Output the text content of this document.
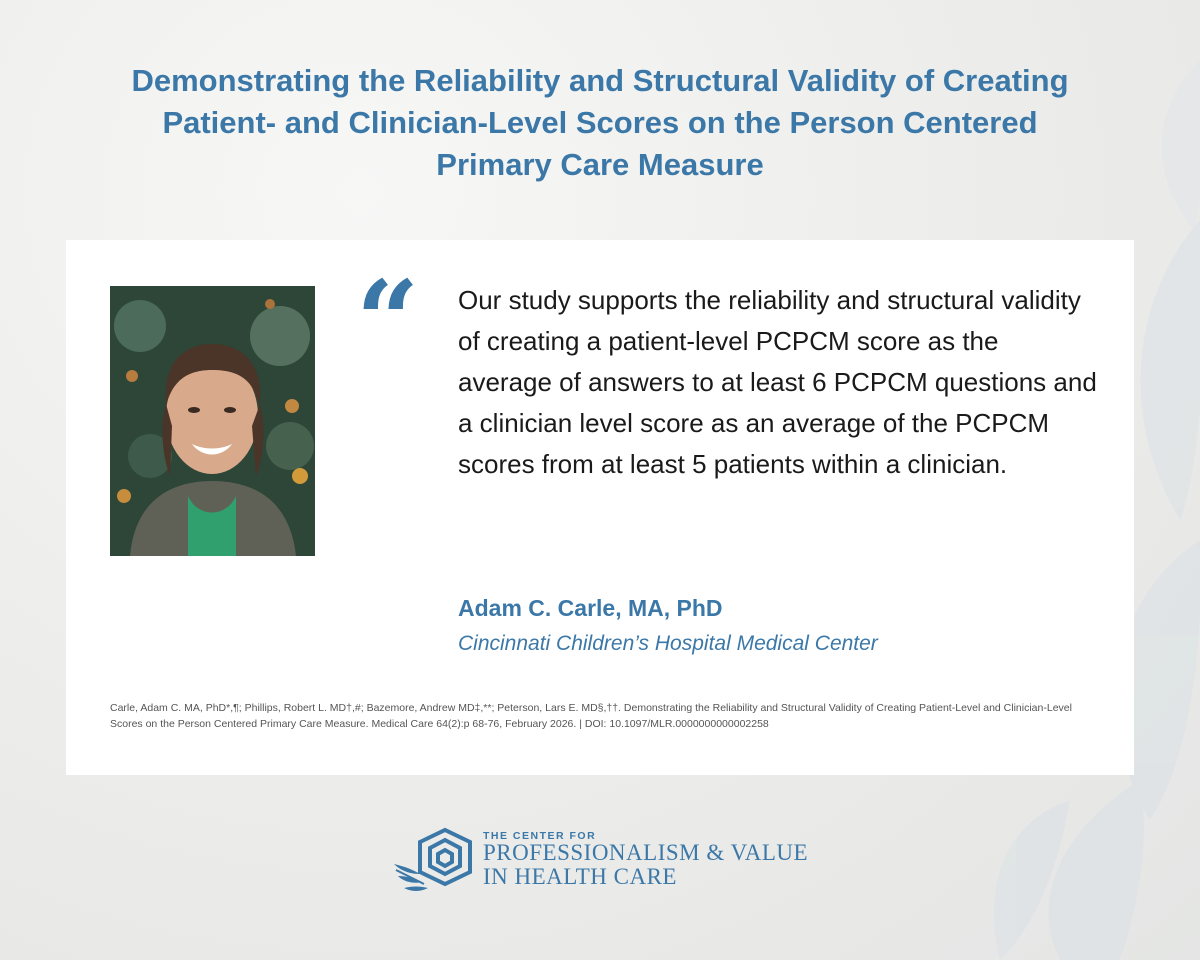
Demonstrating the Reliability and Structural Validity of Creating
Patient- and Clinician-Level Scores on the Person Centered
Primary Care Measure
“ Our study supports the reliability and structural validity of creating a patient-level PCPCM score as the average of answers to at least 6 PCPCM questions and a clinician level score as an average of the PCPCM scores from at least 5 patients within a clinician.

Adam C. Carle, MA, PhD

Cincinnati Children’s Hospital Medical Center

Carle, Adam C. MA, PhD*,¶; Phillips, Robert L. MD†,#; Bazemore, Andrew MD‡,**; Peterson, Lars E. MD§,††. Demonstrating the Reliability and Structural Validity of Creating Patient-Level and Clinician-Level Scores on the Person Centered Primary Care Measure. Medical Care 64(2):p 68-76, February 2026. | DOI: 10.1097/MLR.0000000000002258

THE CENTER FOR
PROFESSIONALISM & VALUE
IN HEALTH CARE
